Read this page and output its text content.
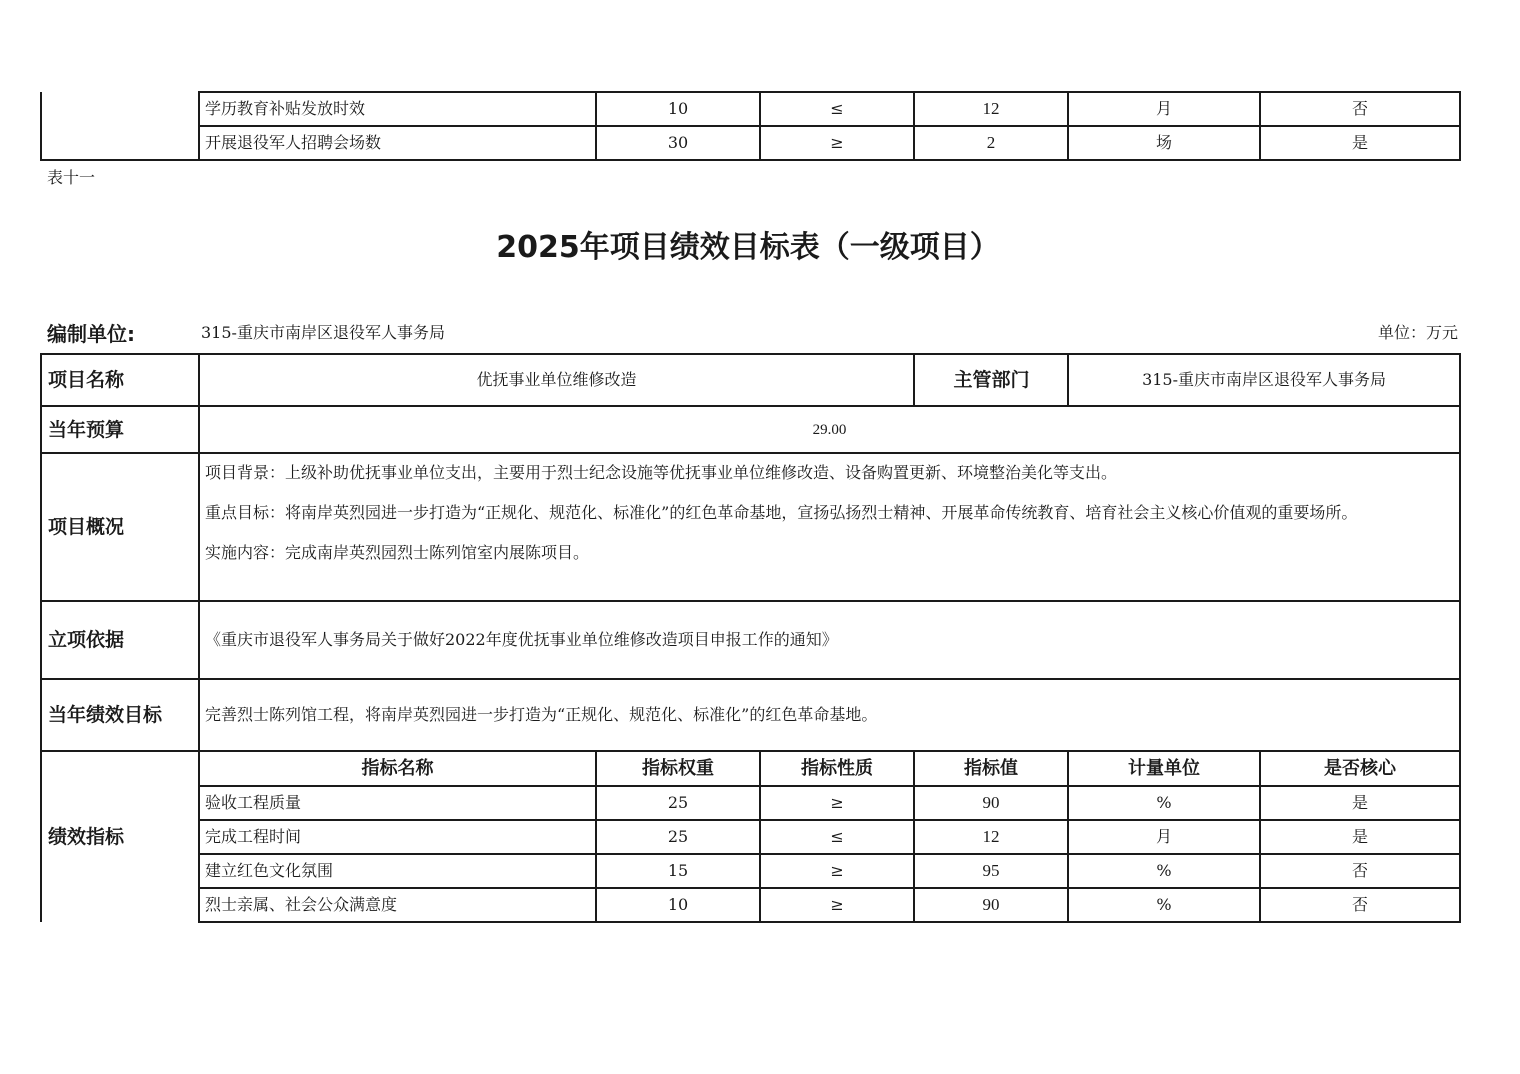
	学历教育补贴发放时效	10	≤	12	月	否
	开展退役军人招聘会场数	30	≥	2	场	是
表十一
2025年项目绩效目标表（一级项目）
编制单位:	315-重庆市南岸区退役军人事务局	单位：万元
项目名称	优抚事业单位维修改造			主管部门	315-重庆市南岸区退役军人事务局	
当年预算	29.00					
项目概况	项目背景：上级补助优抚事业单位支出，主要用于烈士纪念设施等优抚事业单位维修改造、设备购置更新、环境整治美化等支出。

重点目标：将南岸英烈园进一步打造为“正规化、规范化、标准化”的红色革命基地，宣扬弘扬烈士精神、开展革命传统教育、培育社会主义核心价值观的重要场所。

实施内容：完成南岸英烈园烈士陈列馆室内展陈项目。					

立项依据	《重庆市退役军人事务局关于做好2022年度优抚事业单位维修改造项目申报工作的通知》					
当年绩效目标	完善烈士陈列馆工程，将南岸英烈园进一步打造为“正规化、规范化、标准化”的红色革命基地。					
绩效指标	指标名称	指标权重	指标性质	指标值	计量单位	是否核心
	验收工程质量	25	≥	90	%	是
	完成工程时间	25	≤	12	月	是
	建立红色文化氛围	15	≥	95	%	否
	烈士亲属、社会公众满意度	10	≥	90	%	否
